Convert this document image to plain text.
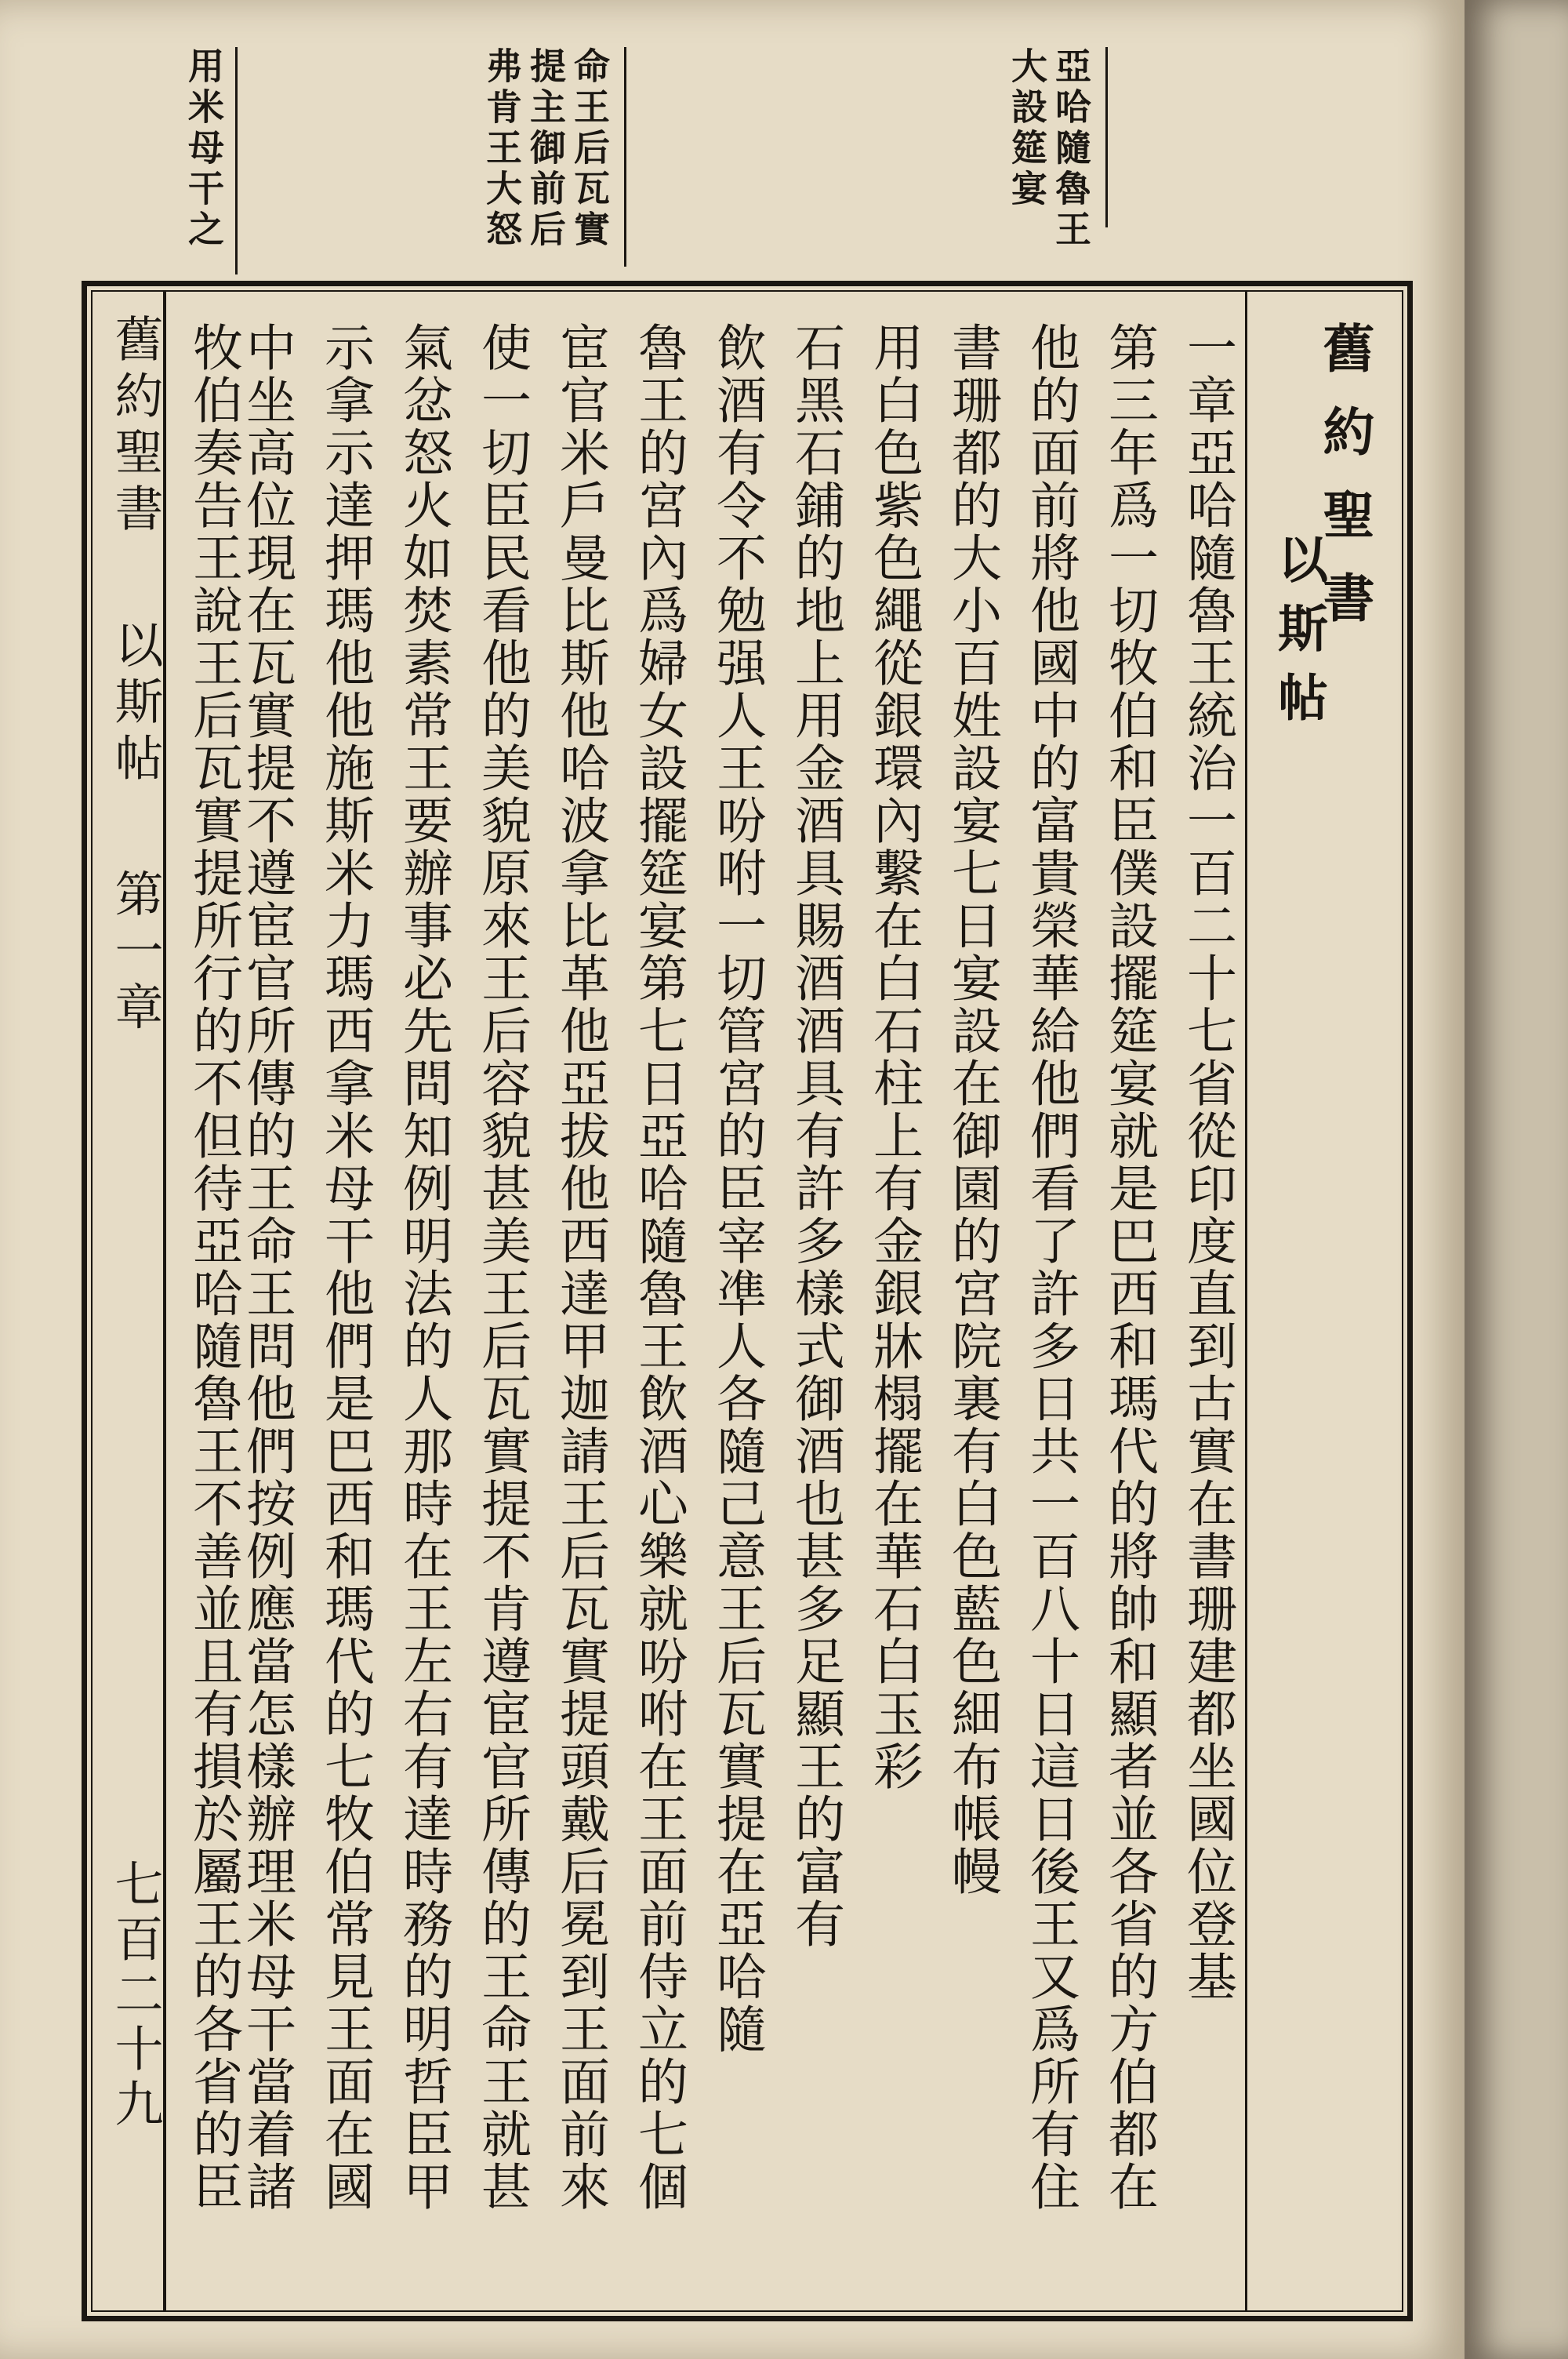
亞哈隨魯王
大設筵宴
命王后瓦實
提主御前后
弗肯王大怒
用米母干之
舊約聖書
以斯帖
一章亞哈隨魯王統治一百二十七省從印度直到古實在書珊建都坐國位登基
第三年爲一切牧伯和臣僕設擺筵宴就是巴西和瑪代的將帥和顯者並各省的方伯都在
他的面前將他國中的富貴榮華給他們看了許多日共一百八十日這日後王又爲所有住
書珊都的大小百姓設宴七日宴設在御園的宮院裏有白色藍色細布帳幔
用白色紫色繩從銀環內繫在白石柱上有金銀牀榻擺在華石白玉彩
石黑石鋪的地上用金酒具賜酒酒具有許多樣式御酒也甚多足顯王的富有
飲酒有令不勉强人王吩咐一切管宮的臣宰凖人各隨己意王后瓦實提在亞哈隨
魯王的宮內爲婦女設擺筵宴第七日亞哈隨魯王飲酒心樂就吩咐在王面前侍立的七個
宦官米戶曼比斯他哈波拿比革他亞拔他西達甲迦請王后瓦實提頭戴后冕到王面前來
使一切臣民看他的美貌原來王后容貌甚美王后瓦實提不肯遵宦官所傳的王命王就甚
氣忿怒火如焚素常王要辦事必先問知例明法的人那時在王左右有達時務的明哲臣甲
示拿示達押瑪他他施斯米力瑪西拿米母干他們是巴西和瑪代的七牧伯常見王面在國
中坐高位現在瓦實提不遵宦官所傳的王命王問他們按例應當怎樣辦理米母干當着諸
牧伯奏告王說王后瓦實提所行的不但待亞哈隨魯王不善並且有損於屬王的各省的臣
舊約聖書　 以斯帖　 第一章
七百二十九
